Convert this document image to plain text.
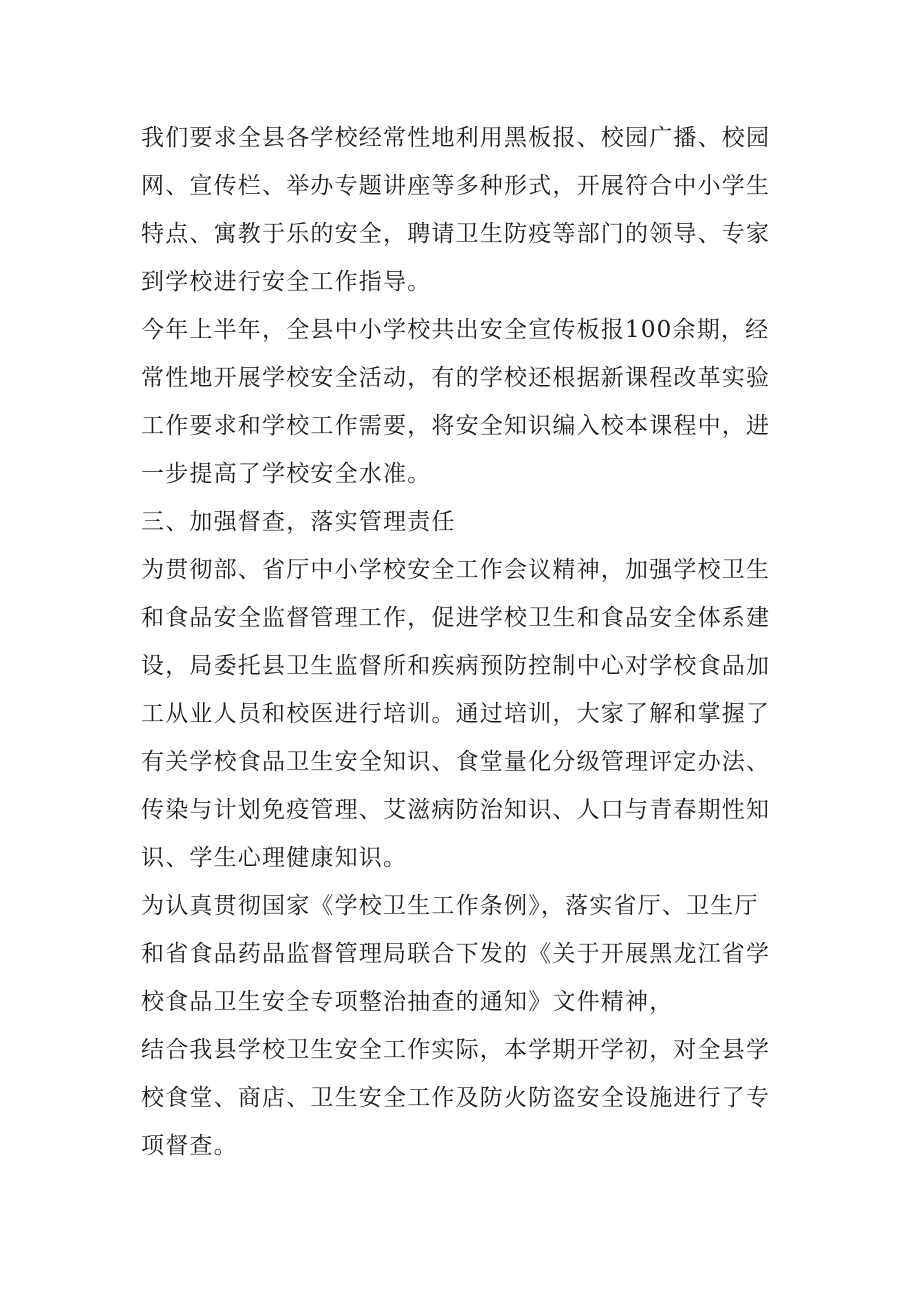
我们要求全县各学校经常性地利用黑板报、校园广播、校园
网、宣传栏、举办专题讲座等多种形式，开展符合中小学生
特点、寓教于乐的安全，聘请卫生防疫等部门的领导、专家
到学校进行安全工作指导。
今年上半年，全县中小学校共出安全宣传板报100余期，经
常性地开展学校安全活动，有的学校还根据新课程改革实验
工作要求和学校工作需要，将安全知识编入校本课程中，进
一步提高了学校安全水准。
三、加强督查，落实管理责任
为贯彻部、省厅中小学校安全工作会议精神，加强学校卫生
和食品安全监督管理工作，促进学校卫生和食品安全体系建
设，局委托县卫生监督所和疾病预防控制中心对学校食品加
工从业人员和校医进行培训。通过培训，大家了解和掌握了
有关学校食品卫生安全知识、食堂量化分级管理评定办法、
传染与计划免疫管理、艾滋病防治知识、人口与青春期性知
识、学生心理健康知识。
为认真贯彻国家《学校卫生工作条例》，落实省厅、卫生厅
和省食品药品监督管理局联合下发的《关于开展黑龙江省学
校食品卫生安全专项整治抽查的通知》文件精神，
结合我县学校卫生安全工作实际，本学期开学初，对全县学
校食堂、商店、卫生安全工作及防火防盗安全设施进行了专
项督查。
